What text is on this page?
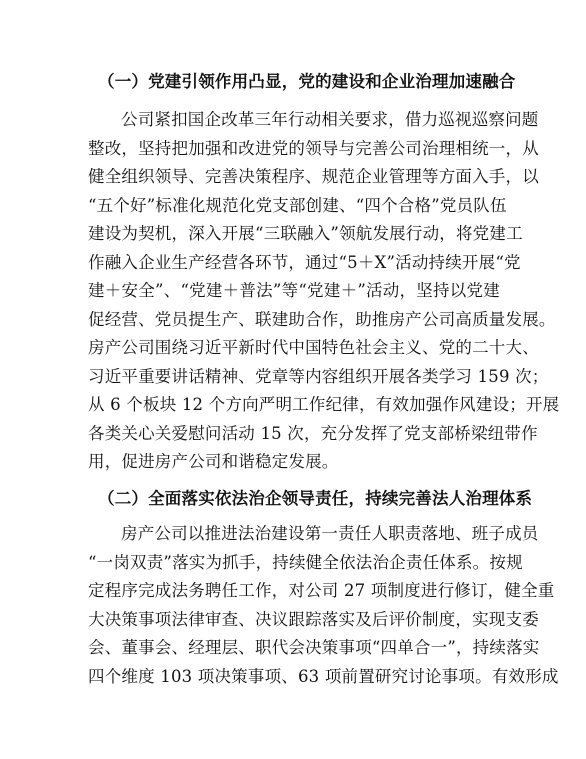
（一）党建引领作用凸显，党的建设和企业治理加速融合
公司紧扣国企改革三年行动相关要求，借力巡视巡察问题
整改，坚持把加强和改进党的领导与完善公司治理相统一，从
健全组织领导、完善决策程序、规范企业管理等方面入手，以
“五个好”标准化规范化党支部创建、“四个合格”党员队伍
建设为契机，深入开展“三联融入”领航发展行动，将党建工
作融入企业生产经营各环节，通过“5＋X”活动持续开展“党
建＋安全”、“党建＋普法”等“党建＋”活动，坚持以党建
促经营、党员提生产、联建助合作，助推房产公司高质量发展。
房产公司围绕习近平新时代中国特色社会主义、党的二十大、
习近平重要讲话精神、党章等内容组织开展各类学习 159 次；
从 6 个板块 12 个方向严明工作纪律，有效加强作风建设；开展
各类关心关爱慰问活动 15 次，充分发挥了党支部桥梁纽带作
用，促进房产公司和谐稳定发展。
（二）全面落实依法治企领导责任，持续完善法人治理体系
房产公司以推进法治建设第一责任人职责落地、班子成员
“一岗双责”落实为抓手，持续健全依法治企责任体系。按规
定程序完成法务聘任工作，对公司 27 项制度进行修订，健全重
大决策事项法律审查、决议跟踪落实及后评价制度，实现支委
会、董事会、经理层、职代会决策事项“四单合一”，持续落实
四个维度 103 项决策事项、63 项前置研究讨论事项。有效形成
